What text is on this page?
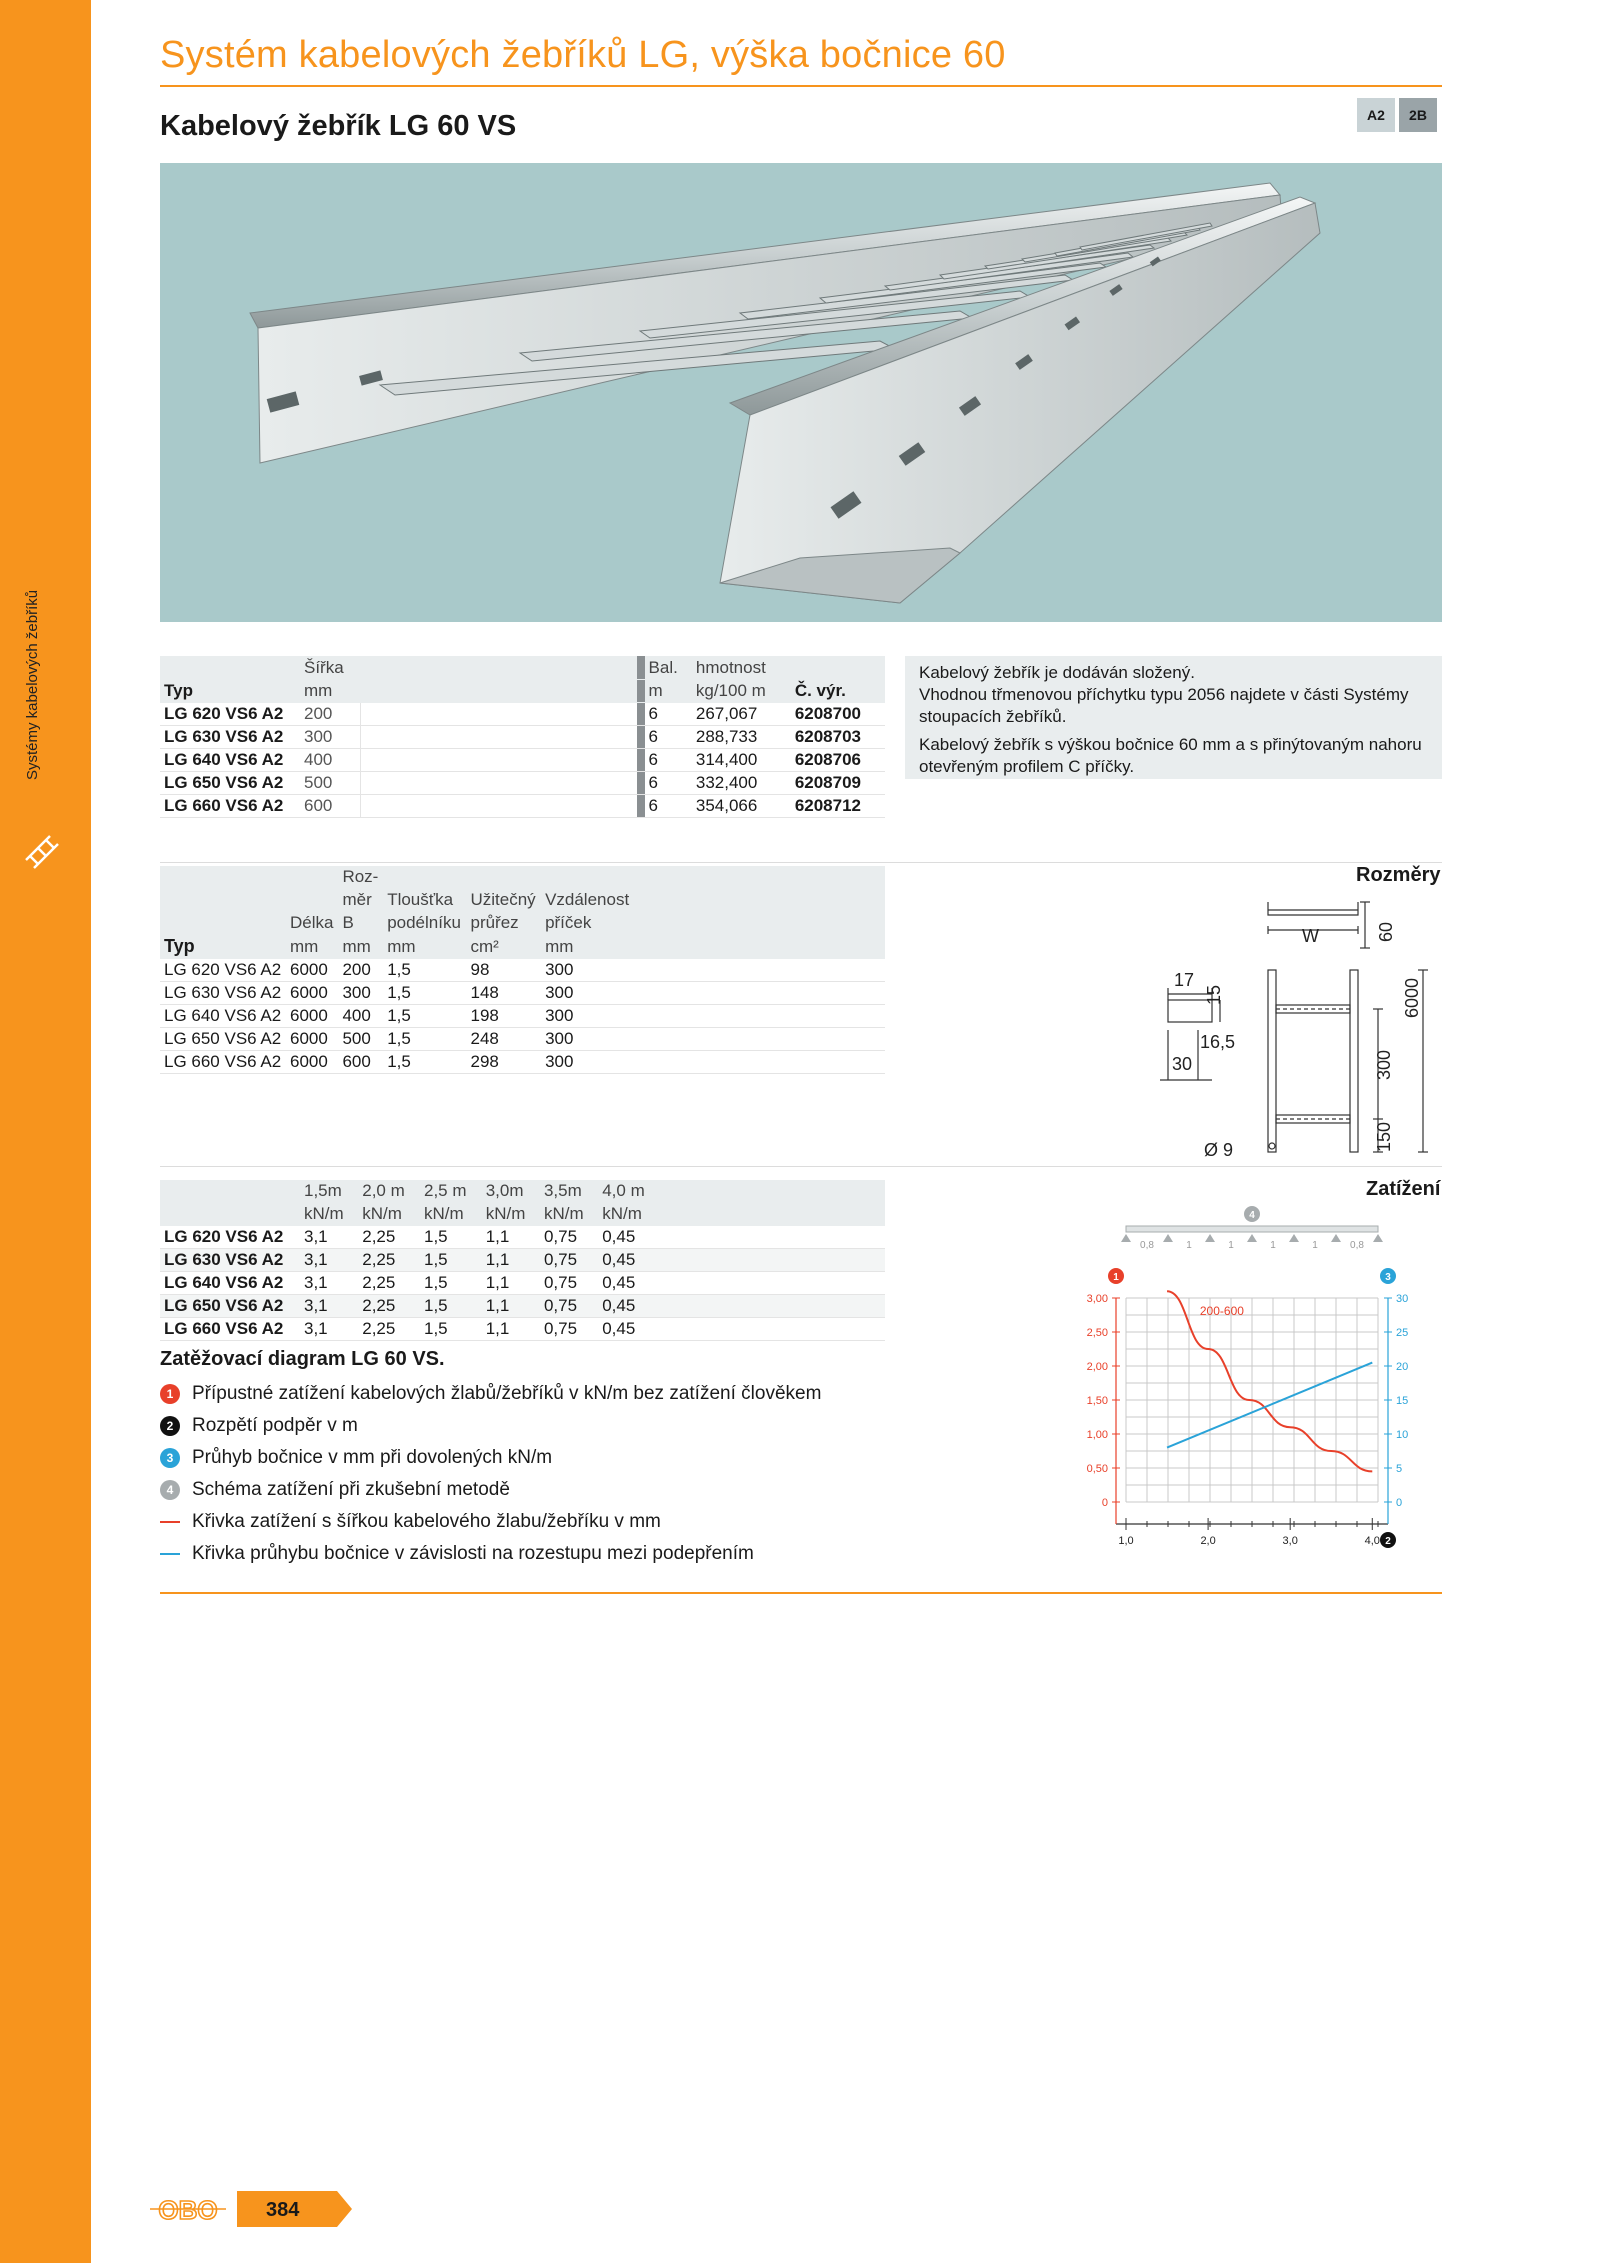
Systémy kabelových žebříků
Systém kabelových žebříků LG, výška bočnice 60
Kabelový žebřík LG 60 VS	A2	2B
	Šířka			Bal.	hmotnost	
Typ	mm			m	kg/100 m	Č. výr.
LG 620 VS6 A2	200			6	267,067	6208700
LG 630 VS6 A2	300			6	288,733	6208703
LG 640 VS6 A2	400			6	314,400	6208706
LG 650 VS6 A2	500			6	332,400	6208709
LG 660 VS6 A2	600			6	354,066	6208712

Kabelový žebřík je dodáván složený.

Vhodnou třmenovou příchytku typu 2056 najdete v části Systémy stoupacích žebříků.

Kabelový žebřík s výškou bočnice 60 mm a s přinýtovaným nahoru otevřeným profilem C příčky.

		Roz-				
		měr	Tloušťka	Užitečný	Vzdálenost	
	Délka	B	podélníku	průřez	příček	
Typ	mm	mm	mm	cm²	mm	
LG 620 VS6 A2	6000	200	1,5	98	300	
LG 630 VS6 A2	6000	300	1,5	148	300	
LG 640 VS6 A2	6000	400	1,5	198	300	
LG 650 VS6 A2	6000	500	1,5	248	300	
LG 660 VS6 A2	6000	600	1,5	298	300	
Rozměry
W	60
17
15
16,5
30
6000
300
150
Ø 9
	1,5m	2,0 m	2,5 m	3,0m	3,5m	4,0 m	
	kN/m	kN/m	kN/m	kN/m	kN/m	kN/m	
LG 620 VS6 A2	3,1	2,25	1,5	1,1	0,75	0,45	
LG 630 VS6 A2	3,1	2,25	1,5	1,1	0,75	0,45	
LG 640 VS6 A2	3,1	2,25	1,5	1,1	0,75	0,45	
LG 650 VS6 A2	3,1	2,25	1,5	1,1	0,75	0,45	
LG 660 VS6 A2	3,1	2,25	1,5	1,1	0,75	0,45	
Zatěžovací diagram LG 60 VS.
1 Přípustné zatížení kabelových žlabů/žebříků v kN/m bez zatížení člověkem
2 Rozpětí podpěr v m
3 Průhyb bočnice v mm při dovolených kN/m
4 Schéma zatížení při zkušební metodě
Křivka zatížení s šířkou kabelového žlabu/žebříku v mm
Křivka průhybu bočnice v závislosti na rozestupu mezi podepřením
Zatížení
0
0,50
1,00
1,50
2,00
2,50
3,00
0
5
10
15
20
25
30
1,0	2,0	3,0	4,0
200-600
0,8	1	1	1	1	0,8
1
2
3
4
OBO 384
